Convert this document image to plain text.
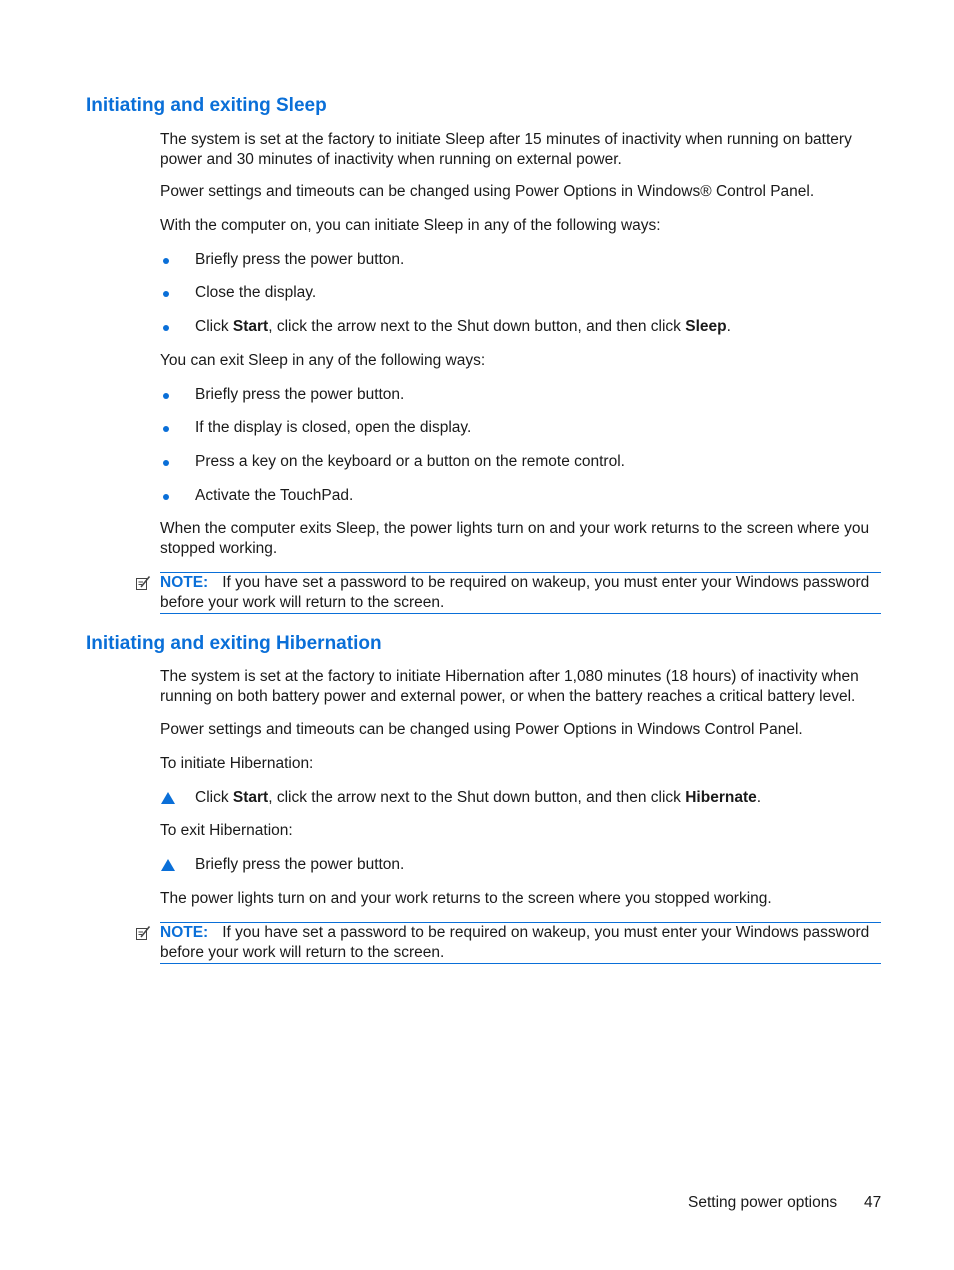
Initiating and exiting Sleep

The system is set at the factory to initiate Sleep after 15 minutes of inactivity when running on battery power and 30 minutes of inactivity when running on external power.

Power settings and timeouts can be changed using Power Options in Windows® Control Panel.

With the computer on, you can initiate Sleep in any of the following ways:

Briefly press the power button.
Close the display.
Click Start, click the arrow next to the Shut down button, and then click Sleep.

You can exit Sleep in any of the following ways:

Briefly press the power button.
If the display is closed, open the display.
Press a key on the keyboard or a button on the remote control.
Activate the TouchPad.

When the computer exits Sleep, the power lights turn on and your work returns to the screen where you stopped working.

NOTE: If you have set a password to be required on wakeup, you must enter your Windows password before your work will return to the screen.
Initiating and exiting Hibernation

The system is set at the factory to initiate Hibernation after 1,080 minutes (18 hours) of inactivity when running on both battery power and external power, or when the battery reaches a critical battery level.

Power settings and timeouts can be changed using Power Options in Windows Control Panel.

To initiate Hibernation:

Click Start, click the arrow next to the Shut down button, and then click Hibernate.

To exit Hibernation:

Briefly press the power button.

The power lights turn on and your work returns to the screen where you stopped working.

NOTE: If you have set a password to be required on wakeup, you must enter your Windows password before your work will return to the screen.
Setting power options 47
